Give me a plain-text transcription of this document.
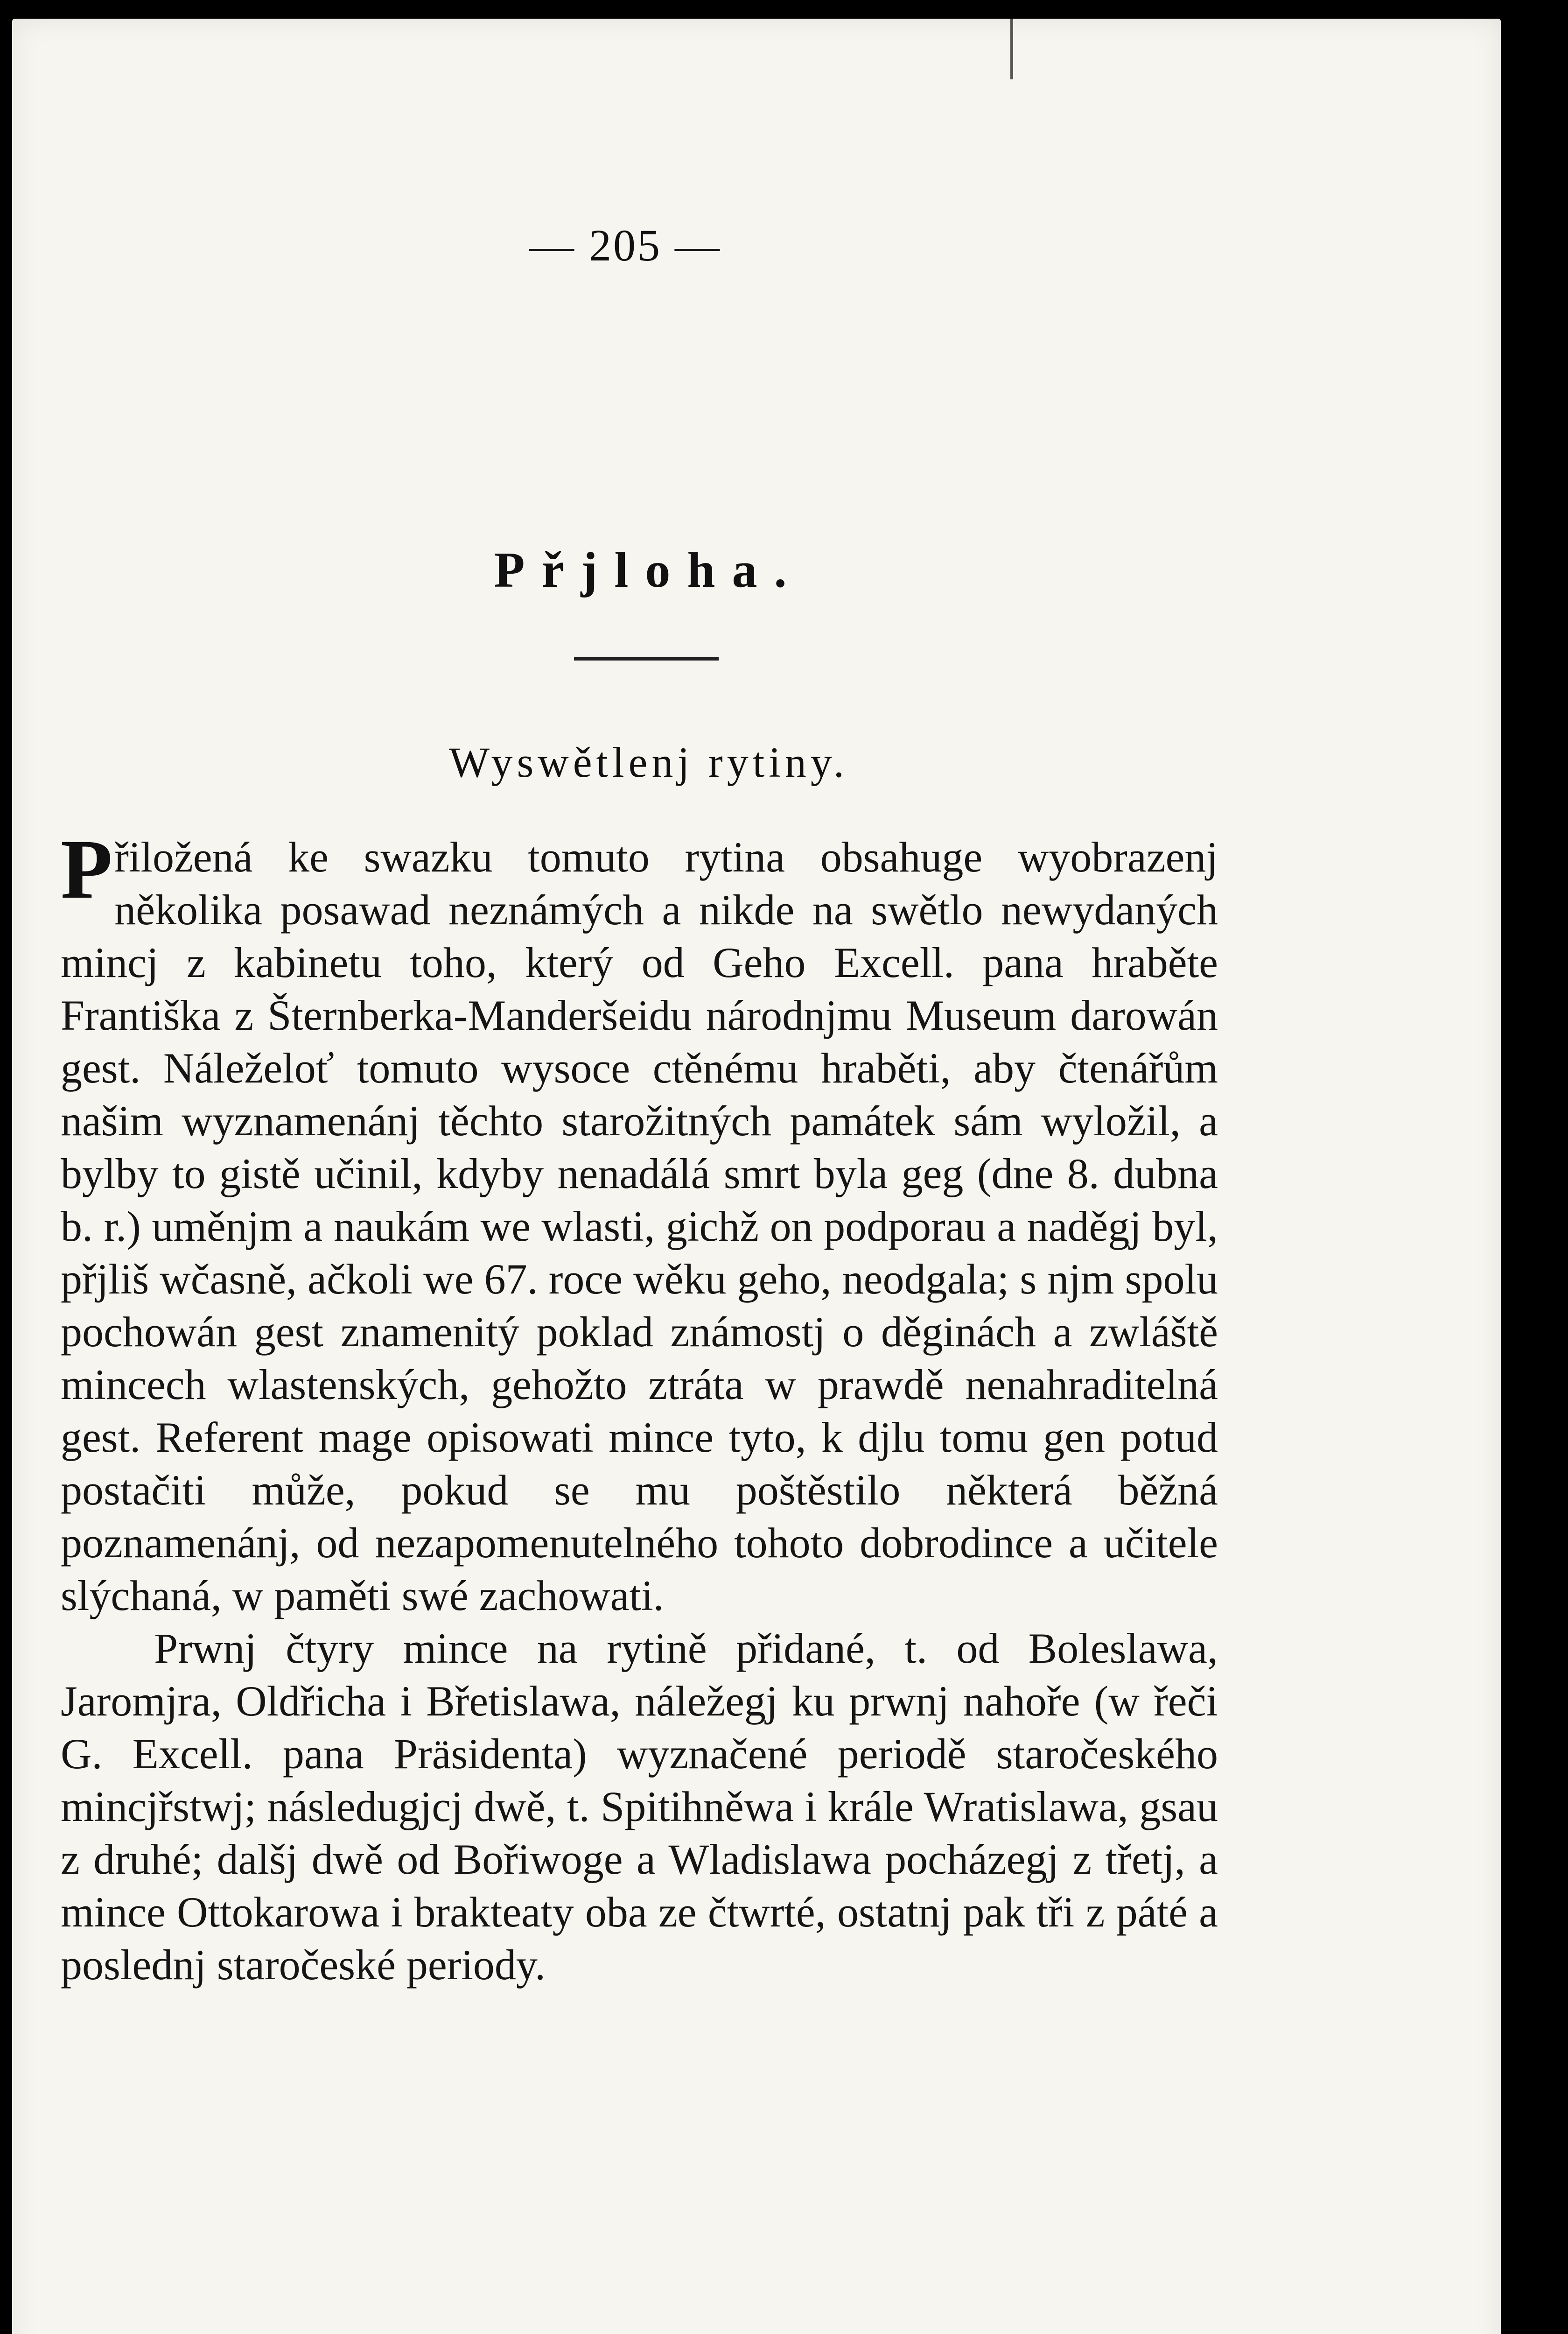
— 205 —
Přjloha.
Wyswětlenj rytiny.

Přiložená ke swazku tomuto rytina obsahuge wyobrazenj několika posawad neznámých a nikde na swětlo newydaných mincj z kabinetu toho, který od Geho Excell. pana hraběte Františka z Šternberka-Manderšeidu národnjmu Museum darowán gest. Náleželoť tomuto wysoce ctěnému hraběti, aby čtenářům našim wyznamenánj těchto starožitných památek sám wyložil, a bylby to gistě učinil, kdyby nenadálá smrt byla geg (dne 8. dubna b. r.) uměnjm a naukám we wlasti, gichž on podporau a naděgj byl, přjliš wčasně, ačkoli we 67. roce wěku geho, neodgala; s njm spolu pochowán gest znamenitý poklad známostj o děginách a zwláště mincech wlastenských, gehožto ztráta w prawdě nenahraditelná gest. Referent mage opisowati mince tyto, k djlu tomu gen potud postačiti může, pokud se mu poštěstilo některá běžná poznamenánj, od nezapomenutelného tohoto dobrodince a učitele slýchaná, w paměti swé zachowati.

Prwnj čtyry mince na rytině přidané, t. od Boleslawa, Jaromjra, Oldřicha i Břetislawa, náležegj ku prwnj nahoře (w řeči G. Excell. pana Präsidenta) wyznačené periodě staročeského mincjřstwj; následugjcj dwě, t. Spitihněwa i krále Wratislawa, gsau z druhé; dalšj dwě od Bořiwoge a Wladislawa pocházegj z třetj, a mince Ottokarowa i brakteaty oba ze čtwrté, ostatnj pak tři z páté a poslednj staročeské periody.
